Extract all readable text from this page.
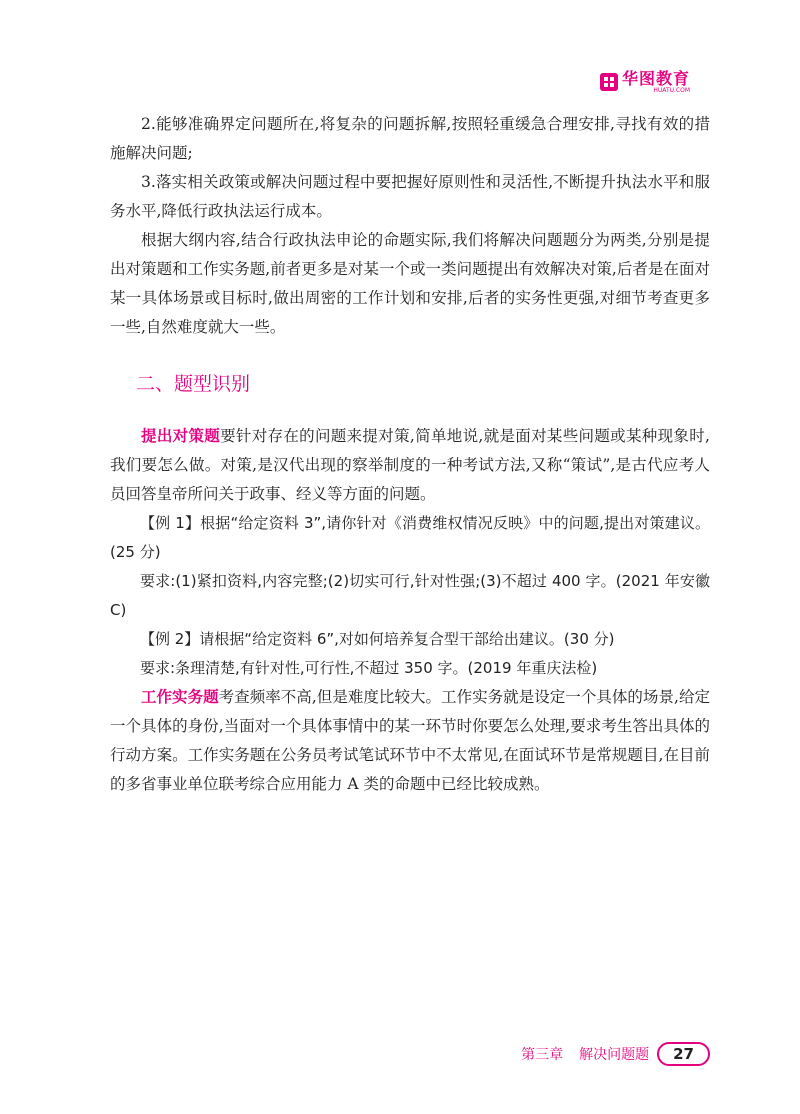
华图教育
HUATU.COM

2.能够准确界定问题所在,将复杂的问题拆解,按照轻重缓急合理安排,寻找有效的措施解决问题;

3.落实相关政策或解决问题过程中要把握好原则性和灵活性,不断提升执法水平和服务水平,降低行政执法运行成本。

根据大纲内容,结合行政执法申论的命题实际,我们将解决问题题分为两类,分别是提出对策题和工作实务题,前者更多是对某一个或一类问题提出有效解决对策,后者是在面对某一具体场景或目标时,做出周密的工作计划和安排,后者的实务性更强,对细节考查更多一些,自然难度就大一些。

二、题型识别

提出对策题要针对存在的问题来提对策,简单地说,就是面对某些问题或某种现象时,我们要怎么做。对策,是汉代出现的察举制度的一种考试方法,又称“策试”,是古代应考人员回答皇帝所问关于政事、经义等方面的问题。

【例 1】根据“给定资料 3”,请你针对《消费维权情况反映》中的问题,提出对策建议。(25 分)

要求:(1)紧扣资料,内容完整;(2)切实可行,针对性强;(3)不超过 400 字。(2021 年安徽 C)

【例 2】请根据“给定资料 6”,对如何培养复合型干部给出建议。(30 分)

要求:条理清楚,有针对性,可行性,不超过 350 字。(2019 年重庆法检)

工作实务题考查频率不高,但是难度比较大。工作实务就是设定一个具体的场景,给定一个具体的身份,当面对一个具体事情中的某一环节时你要怎么处理,要求考生答出具体的行动方案。工作实务题在公务员考试笔试环节中不太常见,在面试环节是常规题目,在目前的多省事业单位联考综合应用能力 A 类的命题中已经比较成熟。

第三章 解决问题题	27
